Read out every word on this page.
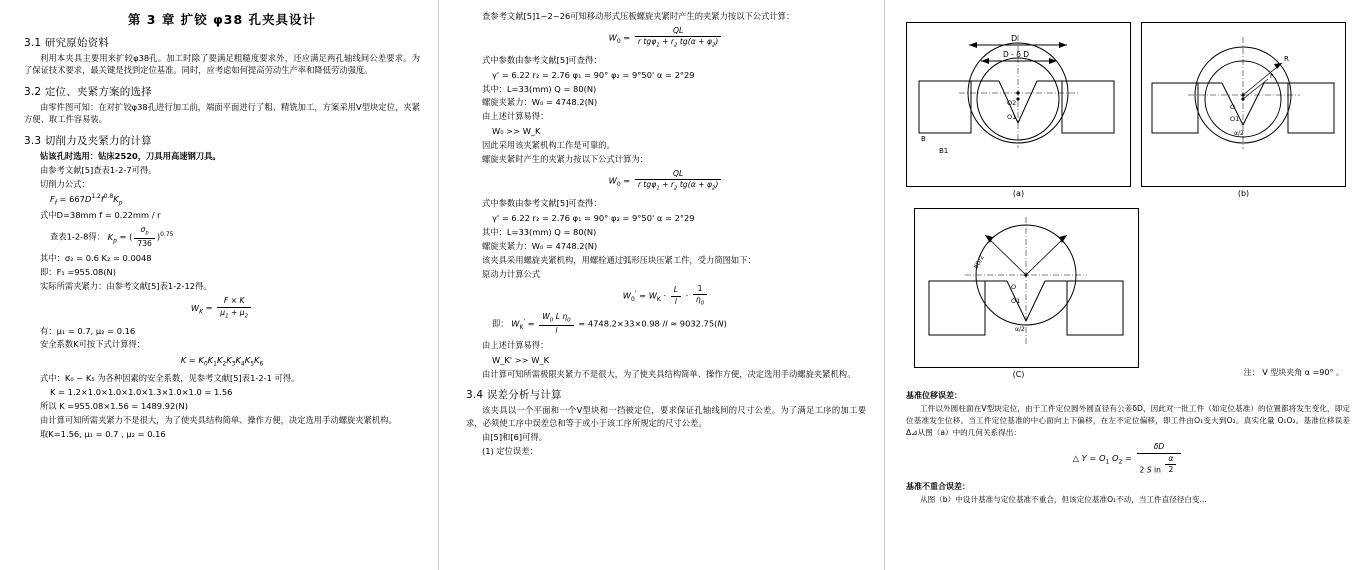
第 3 章 扩铰 φ38 孔夹具设计
3.1 研究原始资料

利用本夹具主要用来扩较φ38孔。加工时除了要满足粗糙度要求外，还应满足两孔轴线间公差要求。为了保证技术要求，最关键是找到定位基准。同时，应考虑如何提高劳动生产率和降低劳动强度。

3.2 定位、夹紧方案的选择

由零件图可知：在对扩铰φ38孔进行加工前，端面平面进行了粗、精铣加工，方案采用V型块定位，夹紧方便、取工件容易装。

3.3 切削力及夹紧力的计算

钻该孔时选用：钻床2520，刀具用高速钢刀具。

由参考文献[5]查表1-2-7可得。

切削力公式：

$F_f = 667D^{1.2}f^{0.8}K_p$

式中D=38mm f = 0.22mm / r

查表1-2-8得： $K_p$ = ( $\frac{\sigma_b}{736} )^{0.75}$

其中：σ₂ = 0.6 K₂ = 0.0048

即：F₁ =955.08(N)

实际所需夹紧力：由参考文献[5]表1-2-12得。

$W_K = \frac{F \times K}{\mu_1 + \mu_2}$

有：μ₁ = 0.7, μ₂ = 0.16

安全系数K可按下式计算得：

$K = K_0K_1K_2K_3K_4K_5K_6$

式中：K₀ ~ K₅ 为各种因素的安全系数，见参考文献[5]表1-2-1 可得。

K = 1.2×1.0×1.0×1.0×1.3×1.0×1.0 = 1.56

所以 K =955.08×1.56 = 1489.92(N)

由计算可知所需夹紧力不是很大，为了使夹具结构简单、操作方便，决定选用手动螺旋夹紧机构。

取K=1.56, μ₁ = 0.7 , μ₂ = 0.16

查参考文献[5]1~2~26可知移动形式压板螺旋夹紧时产生的夹紧力按以下公式计算：

$W_0 = \frac{QL}{r tg\varphi_1 + r_2 tg(\alpha + \varphi_2)}$

式中参数由参考文献[5]可查得：

γ' = 6.22 r₂ = 2.76 φ₁ = 90° φ₂ = 9°50' α = 2°29

其中：L=33(mm) Q = 80(N)

螺旋夹紧力：W₀ = 4748.2(N)

由上述计算易得：

W₀ >> W_K

因此采用该夹紧机构工作是可靠的。

螺旋夹紧时产生的夹紧力按以下公式计算为：

$W_0 = \frac{QL}{r tg\varphi_1 + r_2 tg(\alpha + \varphi_2)}$

式中参数由参考文献[5]可查得：

γ' = 6.22 r₂ = 2.76 φ₁ = 90° φ₂ = 9°50' α = 2°29

其中：L=33(mm) Q = 80(N)

螺旋夹紧力：W₀ = 4748.2(N)

该夹具采用螺旋夹紧机构，用螺栓通过弧形压块压紧工件，受力简图如下：

原动力计算公式

$W_0' = W_K \cdot \frac{L}{l} \cdot \frac{1}{\eta_0}$
即： $W_K' = \frac{W_0 L \eta_0}{l} = 4748.2\times 33\times 0.98$ /l ≈ 9032.75(N)

由上述计算易得：

W_K' >> W_K

由计算可知所需极限夹紧力不是很大，为了使夹具结构简单、操作方便，决定选用手动螺旋夹紧机构。

3.4 误差分析与计算

该夹具以一个平面和一个V型块和一挡被定位，要求保证孔轴线间的尺寸公差。为了满足工序的加工要求，必须使工序中误差总和等于或小于该工序所规定的尺寸公差。

由[5]和[6]可得。

(1) 定位误差：

D
D - δ D
O2
O1
B
B1
(a)
R
r
O
O1
α/2
(b)
δD/2
O
O1
α/2
(C)	注： V 型块夹角 α =90° 。
基准位移误差：

工件以外圆柱面在V型块定位，由于工件定位圆外圆直径有公差δD，因此对一批工件（如定位基准）的位置都将发生变化，即定位基准发生位移。当工件定位基准的中心面向上下偏移，在左不定位偏移，即工件由O₁变大到O₂。真实化量 O₁O₂。基准位移误差Δ⊿从图（a）中的几何关系得出：

△ $Y = O_1$ $O_2 = \frac{\delta D}{2 S in \frac{\alpha}{2}}$
基准不重合误差：

从图（b）中设计基准与定位基准不重合，但该定位基准O₁不动，当工件直径径白变...
